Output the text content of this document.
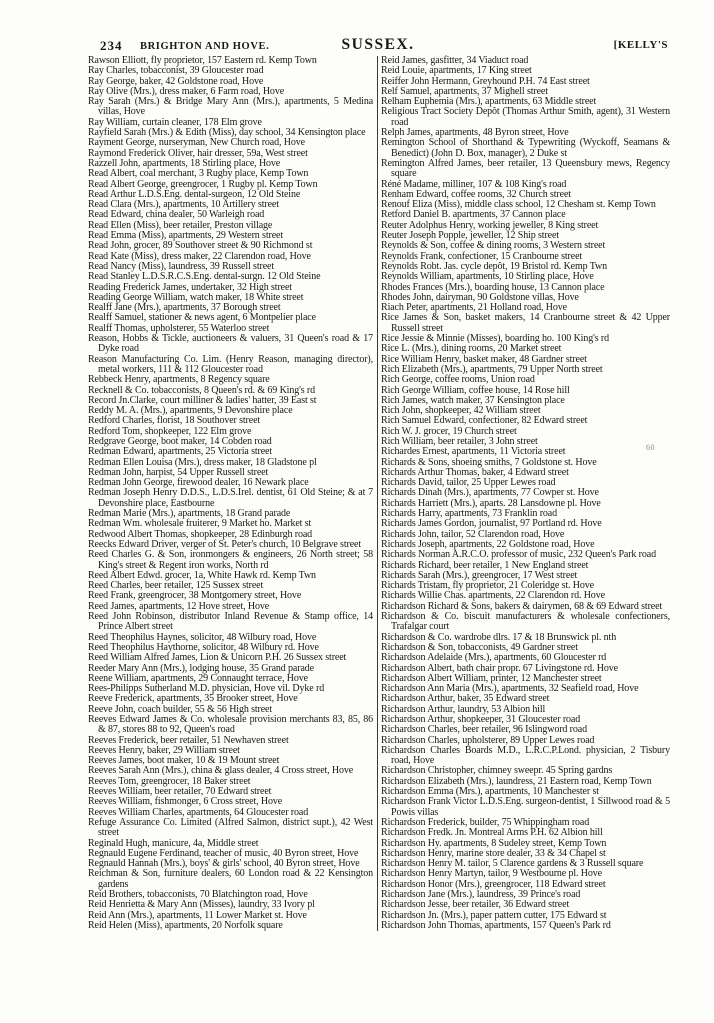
234 BRIGHTON AND HOVE.	SUSSEX.	[KELLY'S
Rawson Elliott, fly proprietor, 157 Eastern rd. Kemp Town
Ray Charles, tobacconist, 39 Gloucester road
Ray George, baker, 42 Goldstone road, Hove
Ray Olive (Mrs.), dress maker, 6 Farm road, Hove
Ray Sarah (Mrs.) & Bridge Mary Ann (Mrs.), apartments, 5 Medina villas, Hove
Ray William, curtain cleaner, 178 Elm grove
Rayfield Sarah (Mrs.) & Edith (Miss), day school, 34 Kensington place
Rayment George, nurseryman, New Church road, Hove
Raymond Frederick Oliver, hair dresser, 59a, West street
Razzell John, apartments, 18 Stirling place, Hove
Read Albert, coal merchant, 3 Rugby place, Kemp Town
Read Albert George, greengrocer, 1 Rugby pl. Kemp Town
Read Arthur L.D.S.Eng. dental-surgeon, 12 Old Steine
Read Clara (Mrs.), apartments, 10 Artillery street
Read Edward, china dealer, 50 Warleigh road
Read Ellen (Miss), beer retailer, Preston village
Read Emma (Miss), apartments, 29 Western street
Read John, grocer, 89 Southover street & 90 Richmond st
Read Kate (Miss), dress maker, 22 Clarendon road, Hove
Read Nancy (Miss), laundress, 39 Russell street
Read Stanley L.D.S.R.C.S.Eng. dental-surgn. 12 Old Steine
Reading Frederick James, undertaker, 32 High street
Reading George William, watch maker, 18 White street
Realff Jane (Mrs.), apartments, 37 Borough street
Realff Samuel, stationer & news agent, 6 Montpelier place
Realff Thomas, upholsterer, 55 Waterloo street
Reason, Hobbs & Tickle, auctioneers & valuers, 31 Queen's road & 17 Dyke road
Reason Manufacturing Co. Lim. (Henry Reason, managing director), metal workers, 111 & 112 Gloucester road
Rebbeck Henry, apartments, 8 Regency square
Recknell & Co. tobacconists, 8 Queen's rd. & 69 King's rd
Record Jn.Clarke, court milliner & ladies' hatter, 39 East st
Reddy M. A. (Mrs.), apartments, 9 Devonshire place
Redford Charles, florist, 18 Southover street
Redford Tom, shopkeeper, 122 Elm grove
Redgrave George, boot maker, 14 Cobden road
Redman Edward, apartments, 25 Victoria street
Redman Ellen Louisa (Mrs.), dress maker, 18 Gladstone pl
Redman John, harpist, 54 Upper Russell street
Redman John George, firewood dealer, 16 Newark place
Redman Joseph Henry D.D.S., L.D.S.Irel. dentist, 61 Old Steine; & at 7 Devonshire place, Eastbourne
Redman Marie (Mrs.), apartments, 18 Grand parade
Redman Wm. wholesale fruiterer, 9 Market ho. Market st
Redwood Albert Thomas, shopkeeper, 28 Edinburgh road
Reecks Edward Driver, verger of St. Peter's church, 10 Belgrave street
Reed Charles G. & Son, ironmongers & engineers, 26 North street; 58 King's street & Regent iron works, North rd
Reed Albert Edwd. grocer, 1a, White Hawk rd. Kemp Twn
Reed Charles, beer retailer, 125 Sussex street
Reed Frank, greengrocer, 38 Montgomery street, Hove
Reed James, apartments, 12 Hove street, Hove
Reed John Robinson, distributor Inland Revenue & Stamp office, 14 Prince Albert street
Reed Theophilus Haynes, solicitor, 48 Wilbury road, Hove
Reed Theophilus Haythorne, solicitor, 48 Wilbury rd. Hove
Reed William Alfred James, Lion & Unicorn P.H. 26 Sussex street
Reeder Mary Ann (Mrs.), lodging house, 35 Grand parade
Reene William, apartments, 29 Connaught terrace, Hove
Rees-Philipps Sutherland M.D. physician, Hove vil. Dyke rd
Reeve Frederick, apartments, 35 Brooker street, Hove
Reeve John, coach builder, 55 & 56 High street
Reeves Edward James & Co. wholesale provision merchants 83, 85, 86 & 87, stores 88 to 92, Queen's road
Reeves Frederick, beer retailer, 51 Newhaven street
Reeves Henry, baker, 29 William street
Reeves James, boot maker, 10 & 19 Mount street
Reeves Sarah Ann (Mrs.), china & glass dealer, 4 Cross street, Hove
Reeves Tom, greengrocer, 18 Baker street
Reeves William, beer retailer, 70 Edward street
Reeves William, fishmonger, 6 Cross street, Hove
Reeves William Charles, apartments, 64 Gloucester road
Refuge Assurance Co. Limited (Alfred Salmon, district supt.), 42 West street
Reginald Hugh, manicure, 4a, Middle street
Regnauld Eugene Ferdinand, teacher of music, 40 Byron street, Hove
Regnauld Hannah (Mrs.), boys' & girls' school, 40 Byron street, Hove
Reichman & Son, furniture dealers, 60 London road & 22 Kensington gardens
Reid Brothers, tobacconists, 70 Blatchington road, Hove
Reid Henrietta & Mary Ann (Misses), laundry, 33 Ivory pl
Reid Ann (Mrs.), apartments, 11 Lower Market st. Hove
Reid Helen (Miss), apartments, 20 Norfolk square
Reid James, gasfitter, 34 Viaduct road
Reid Louie, apartments, 17 King street
Reiffer John Hermann, Greyhound P.H. 74 East street
Relf Samuel, apartments, 37 Mighell street
Relham Euphemia (Mrs.), apartments, 63 Middle street
Religious Tract Society Depôt (Thomas Arthur Smith, agent), 31 Western road
Relph James, apartments, 48 Byron street, Hove
Remington School of Shorthand & Typewriting (Wyckoff, Seamans & Benedict) (John D. Box, manager), 2 Duke st
Remington Alfred James, beer retailer, 13 Queensbury mews, Regency square
Réné Madame, milliner, 107 & 108 King's road
Renham Edward, coffee rooms, 32 Church street
Renouf Eliza (Miss), middle class school, 12 Chesham st. Kemp Town
Retford Daniel B. apartments, 37 Cannon place
Reuter Adolphus Henry, working jeweller, 8 King street
Reuter Joseph Popple, jeweller, 12 Ship street
Reynolds & Son, coffee & dining rooms, 3 Western street
Reynolds Frank, confectioner, 15 Cranbourne street
Reynolds Robt. Jas. cycle depôt, 19 Bristol rd. Kemp Twn
Reynolds William, apartments, 10 Stirling place, Hove
Rhodes Frances (Mrs.), boarding house, 13 Cannon place
Rhodes John, dairyman, 90 Goldstone villas, Hove
Riach Peter, apartments, 21 Holland road, Hove
Rice James & Son, basket makers, 14 Cranbourne street & 42 Upper Russell street
Rice Jessie & Minnie (Misses), boarding ho. 100 King's rd
Rice L. (Mrs.), dining rooms, 20 Market street
Rice William Henry, basket maker, 48 Gardner street
Rich Elizabeth (Mrs.), apartments, 79 Upper North street
Rich George, coffee rooms, Union road
Rich George William, coffee house, 14 Rose hill
Rich James, watch maker, 37 Kensington place
Rich John, shopkeeper, 42 William street
Rich Samuel Edward, confectioner, 82 Edward street
Rich W. J. grocer, 19 Church street
Rich William, beer retailer, 3 John street
Richardes Ernest, apartments, 11 Victoria street
Richards & Sons, shoeing smiths, 7 Goldstone st. Hove
Richards Arthur Thomas, baker, 4 Edward street
Richards David, tailor, 25 Upper Lewes road
Richards Dinah (Mrs.), apartments, 77 Cowper st. Hove
Richards Harriett (Mrs.), aparts. 28 Lansdowne pl. Hove
Richards Harry, apartments, 73 Franklin road
Richards James Gordon, journalist, 97 Portland rd. Hove
Richards John, tailor, 52 Clarendon road, Hove
Richards Joseph, apartments, 22 Goldstone road, Hove
Richards Norman A.R.C.O. professor of music, 232 Queen's Park road
Richards Richard, beer retailer, 1 New England street
Richards Sarah (Mrs.), greengrocer, 17 West street
Richards Tristam, fly proprietor, 21 Coleridge st. Hove
Richards Willie Chas. apartments, 22 Clarendon rd. Hove
Richardson Richard & Sons, bakers & dairymen, 68 & 69 Edward street
Richardson & Co. biscuit manufacturers & wholesale confectioners, Trafalgar court
Richardson & Co. wardrobe dlrs. 17 & 18 Brunswick pl. nth
Richardson & Son, tobacconists, 49 Gardner street
Richardson Adelaide (Mrs.), apartments, 60 Gloucester rd
Richardson Albert, bath chair propr. 67 Livingstone rd. Hove
Richardson Albert William, printer, 12 Manchester street
Richardson Ann Maria (Mrs.), apartments, 32 Seafield road, Hove
Richardson Arthur, baker, 35 Edward street
Richardson Arthur, laundry, 53 Albion hill
Richardson Arthur, shopkeeper, 31 Gloucester road
Richardson Charles, beer retailer, 96 Islingword road
Richardson Charles, upholsterer, 89 Upper Lewes road
Richardson Charles Boards M.D., L.R.C.P.Lond. physician, 2 Tisbury road, Hove
Richardson Christopher, chimney sweepr. 45 Spring gardns
Richardson Elizabeth (Mrs.), laundress, 21 Eastern road, Kemp Town
Richardson Emma (Mrs.), apartments, 10 Manchester st
Richardson Frank Victor L.D.S.Eng. surgeon-dentist, 1 Sillwood road & 5 Powis villas
Richardson Frederick, builder, 75 Whippingham road
Richardson Fredk. Jn. Montreal Arms P.H. 62 Albion hill
Richardson Hy. apartments, 8 Sudeley street, Kemp Town
Richardson Henry, marine store dealer, 33 & 34 Chapel st
Richardson Henry M. tailor, 5 Clarence gardens & 3 Russell square
Richardson Henry Martyn, tailor, 9 Westbourne pl. Hove
Richardson Honor (Mrs.), greengrocer, 118 Edward street
Richardson Jane (Mrs.), laundress, 39 Prince's road
Richardson Jesse, beer retailer, 36 Edward street
Richardson Jn. (Mrs.), paper pattern cutter, 175 Edward st
Richardson John Thomas, apartments, 157 Queen's Park rd
60
